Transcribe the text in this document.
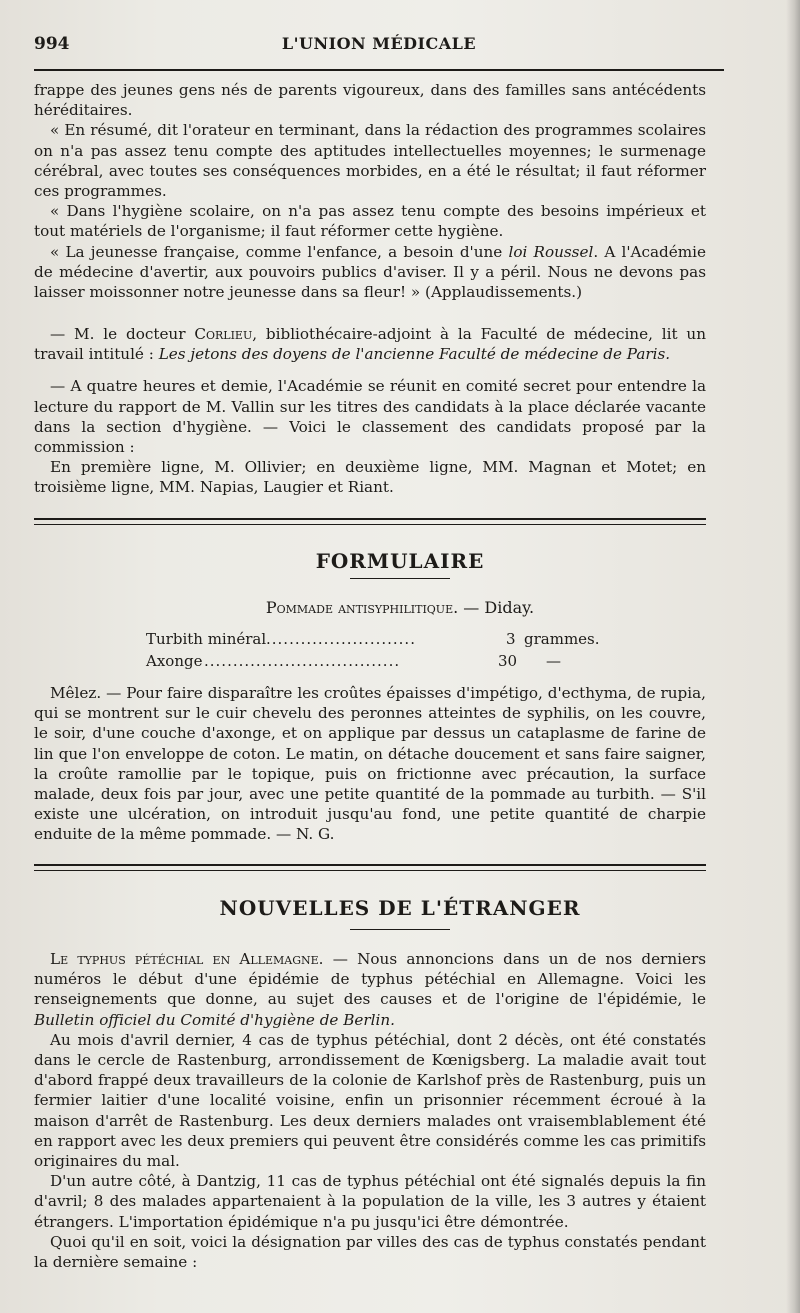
994	L'UNION MÉDICALE

frappe des jeunes gens nés de parents vigoureux, dans des familles sans antécédents héréditaires.

« En résumé, dit l'orateur en terminant, dans la rédaction des programmes scolaires on n'a pas assez tenu compte des aptitudes intellectuelles moyennes; le surmenage cérébral, avec toutes ses conséquences morbides, en a été le résultat; il faut réformer ces programmes.

« Dans l'hygiène scolaire, on n'a pas assez tenu compte des besoins impérieux et tout matériels de l'organisme; il faut réformer cette hygiène.

« La jeunesse française, comme l'enfance, a besoin d'une loi Roussel. A l'Académie de médecine d'avertir, aux pouvoirs publics d'aviser. Il y a péril. Nous ne devons pas laisser moissonner notre jeunesse dans sa fleur! » (Applaudissements.)

— M. le docteur Corlieu, bibliothécaire-adjoint à la Faculté de médecine, lit un travail intitulé : Les jetons des doyens de l'ancienne Faculté de médecine de Paris.

— A quatre heures et demie, l'Académie se réunit en comité secret pour entendre la lecture du rapport de M. Vallin sur les titres des candidats à la place déclarée vacante dans la section d'hygiène. — Voici le classement des candidats proposé par la commission :

En première ligne, M. Ollivier; en deuxième ligne, MM. Magnan et Motet; en troisième ligne, MM. Napias, Laugier et Riant.

FORMULAIRE
Pommade antisyphilitique. — Diday.
Turbith minéral ..........................	3 grammes.
Axonge ..................................	30 —

Mêlez. — Pour faire disparaître les croûtes épaisses d'impétigo, d'ecthyma, de rupia, qui se montrent sur le cuir chevelu des peronnes atteintes de syphilis, on les couvre, le soir, d'une couche d'axonge, et on applique par dessus un cataplasme de farine de lin que l'on enveloppe de coton. Le matin, on détache doucement et sans faire saigner, la croûte ramollie par le topique, puis on frictionne avec précaution, la surface malade, deux fois par jour, avec une petite quantité de la pommade au turbith. — S'il existe une ulcération, on introduit jusqu'au fond, une petite quantité de charpie enduite de la même pommade. — N. G.

NOUVELLES DE L'ÉTRANGER

Le typhus pétéchial en Allemagne. — Nous annoncions dans un de nos derniers numéros le début d'une épidémie de typhus pétéchial en Allemagne. Voici les renseignements que donne, au sujet des causes et de l'origine de l'épidémie, le Bulletin officiel du Comité d'hygiène de Berlin.

Au mois d'avril dernier, 4 cas de typhus pétéchial, dont 2 décès, ont été constatés dans le cercle de Rastenburg, arrondissement de Kœnigsberg. La maladie avait tout d'abord frappé deux travailleurs de la colonie de Karlshof près de Rastenburg, puis un fermier laitier d'une localité voisine, enfin un prisonnier récemment écroué à la maison d'arrêt de Rastenburg. Les deux derniers malades ont vraisemblablement été en rapport avec les deux premiers qui peuvent être considérés comme les cas primitifs originaires du mal.

D'un autre côté, à Dantzig, 11 cas de typhus pétéchial ont été signalés depuis la fin d'avril; 8 des malades appartenaient à la population de la ville, les 3 autres y étaient étrangers. L'importation épidémique n'a pu jusqu'ici être démontrée.

Quoi qu'il en soit, voici la désignation par villes des cas de typhus constatés pendant la dernière semaine :
